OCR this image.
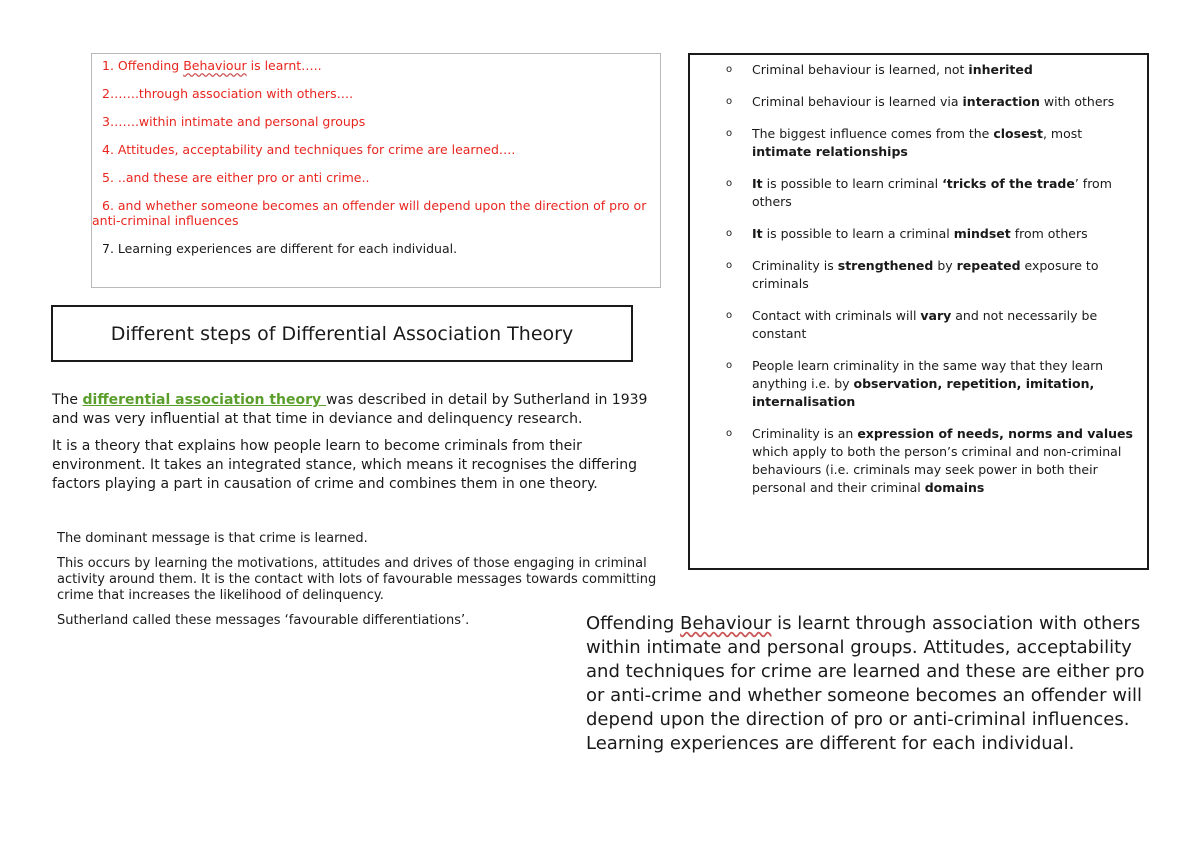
1. Offending Behaviour is learnt…..
2…….through association with others….
3…….within intimate and personal groups
4. Attitudes, acceptability and techniques for crime are learned….
5. ..and these are either pro or anti crime..
6. and whether someone becomes an offender will depend upon the direction of pro or anti-criminal influences
7. Learning experiences are different for each individual.
Different steps of Differential Association Theory

The differential association theory was described in detail by Sutherland in 1939 and was very influential at that time in deviance and delinquency research.

It is a theory that explains how people learn to become criminals from their environment. It takes an integrated stance, which means it recognises the differing factors playing a part in causation of crime and combines them in one theory.

The dominant message is that crime is learned.

This occurs by learning the motivations, attitudes and drives of those engaging in criminal activity around them. It is the contact with lots of favourable messages towards committing crime that increases the likelihood of delinquency.

Sutherland called these messages ‘favourable differentiations’.

o Criminal behaviour is learned, not inherited
o Criminal behaviour is learned via interaction with others
o The biggest influence comes from the closest, most intimate relationships
o It is possible to learn criminal ‘tricks of the trade’ from others
o It is possible to learn a criminal mindset from others
o Criminality is strengthened by repeated exposure to criminals
o Contact with criminals will vary and not necessarily be constant
o People learn criminality in the same way that they learn anything i.e. by observation, repetition, imitation, internalisation
o Criminality is an expression of needs, norms and values which apply to both the person’s criminal and non-criminal behaviours (i.e. criminals may seek power in both their personal and their criminal domains
Offending Behaviour is learnt through association with others within intimate and personal groups. Attitudes, acceptability and techniques for crime are learned and these are either pro or anti-crime and whether someone becomes an offender will depend upon the direction of pro or anti-criminal influences. Learning experiences are different for each individual.
